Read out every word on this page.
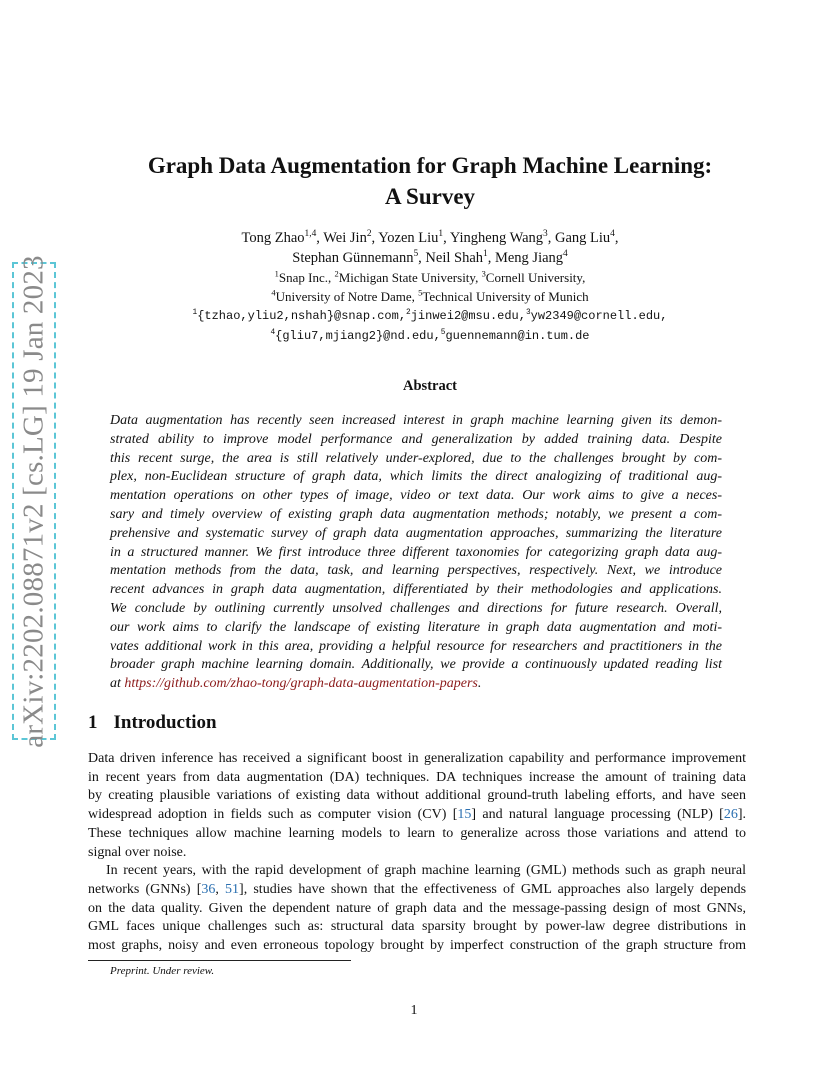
arXiv:2202.08871v2 [cs.LG] 19 Jan 2023
Graph Data Augmentation for Graph Machine Learning:
A Survey
Tong Zhao$^{1,4}$, Wei Jin$^2$, Yozen Liu$^1$, Yingheng Wang$^3$, Gang Liu$^4$,
Stephan Günnemann$^5$, Neil Shah$^1$, Meng Jiang$^4$
$^1$Snap Inc., $^2$Michigan State University, $^3$Cornell University,
$^4$University of Notre Dame, $^5$Technical University of Munich
$^1${tzhao,yliu2,nshah}@snap.com,$^2$jinwei2@msu.edu,$^3$yw2349@cornell.edu,
$^4${gliu7,mjiang2}@nd.edu,$^5$guennemann@in.tum.de
Abstract
Data augmentation has recently seen increased interest in graph machine learning given its demon-
strated ability to improve model performance and generalization by added training data. Despite
this recent surge, the area is still relatively under-explored, due to the challenges brought by com-
plex, non-Euclidean structure of graph data, which limits the direct analogizing of traditional aug-
mentation operations on other types of image, video or text data. Our work aims to give a neces-
sary and timely overview of existing graph data augmentation methods; notably, we present a com-
prehensive and systematic survey of graph data augmentation approaches, summarizing the literature
in a structured manner. We first introduce three different taxonomies for categorizing graph data aug-
mentation methods from the data, task, and learning perspectives, respectively. Next, we introduce
recent advances in graph data augmentation, differentiated by their methodologies and applications.
We conclude by outlining currently unsolved challenges and directions for future research. Overall,
our work aims to clarify the landscape of existing literature in graph data augmentation and moti-
vates additional work in this area, providing a helpful resource for researchers and practitioners in the
broader graph machine learning domain. Additionally, we provide a continuously updated reading list
at https://github.com/zhao-tong/graph-data-augmentation-papers.
1 Introduction
Data driven inference has received a significant boost in generalization capability and performance improvement
in recent years from data augmentation (DA) techniques. DA techniques increase the amount of training data
by creating plausible variations of existing data without additional ground-truth labeling efforts, and have seen
widespread adoption in fields such as computer vision (CV) [15] and natural language processing (NLP) [26].
These techniques allow machine learning models to learn to generalize across those variations and attend to
signal over noise.
In recent years, with the rapid development of graph machine learning (GML) methods such as graph neural
networks (GNNs) [36, 51], studies have shown that the effectiveness of GML approaches also largely depends
on the data quality. Given the dependent nature of graph data and the message-passing design of most GNNs,
GML faces unique challenges such as: structural data sparsity brought by power-law degree distributions in
most graphs, noisy and even erroneous topology brought by imperfect construction of the graph structure from
Preprint. Under review.
1
